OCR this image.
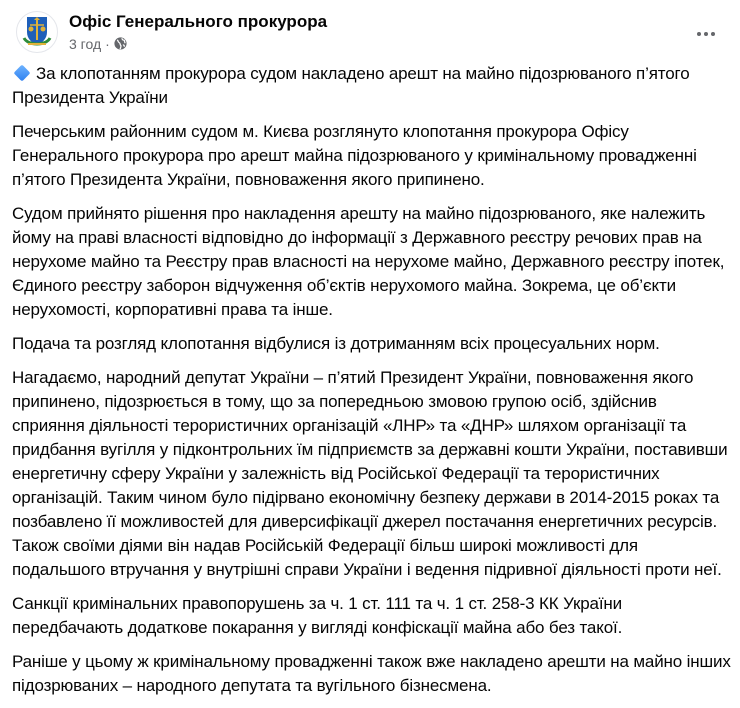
Офіс Генерального прокурора
3 год ·

За клопотанням прокурора судом накладено арешт на майно підозрюваного п’ятого Президента України

Печерським районним судом м. Києва розглянуто клопотання прокурора Офісу Генерального прокурора про арешт майна підозрюваного у кримінальному провадженні п’ятого Президента України, повноваження якого припинено.

Судом прийнято рішення про накладення арешту на майно підозрюваного, яке належить йому на праві власності відповідно до інформації з Державного реєстру речових прав на нерухоме майно та Реєстру прав власності на нерухоме майно, Державного реєстру іпотек, Єдиного реєстру заборон відчуження об’єктів нерухомого майна. Зокрема, це об’єкти нерухомості, корпоративні права та інше.

Подача та розгляд клопотання відбулися із дотриманням всіх процесуальних норм.

Нагадаємо, народний депутат України – п’ятий Президент України, повноваження якого припинено, підозрюється в тому, що за попередньою змовою групою осіб, здійснив сприяння діяльності терористичних організацій «ЛНР» та «ДНР» шляхом організації та придбання вугілля у підконтрольних їм підприємств за державні кошти України, поставивши енергетичну сферу України у залежність від Російської Федерації та терористичних організацій. Таким чином було підірвано економічну безпеку держави в 2014-2015 роках та позбавлено її можливостей для диверсифікації джерел постачання енергетичних ресурсів. Також своїми діями він надав Російській Федерації більш широкі можливості для подальшого втручання у внутрішні справи України і ведення підривної діяльності проти неї.

Санкції кримінальних правопорушень за ч. 1 ст. 111 та ч. 1 ст. 258-3 КК України передбачають додаткове покарання у вигляді конфіскації майна або без такої.

Раніше у цьому ж кримінальному провадженні також вже накладено арешти на майно інших підозрюваних – народного депутата та вугільного бізнесмена.
